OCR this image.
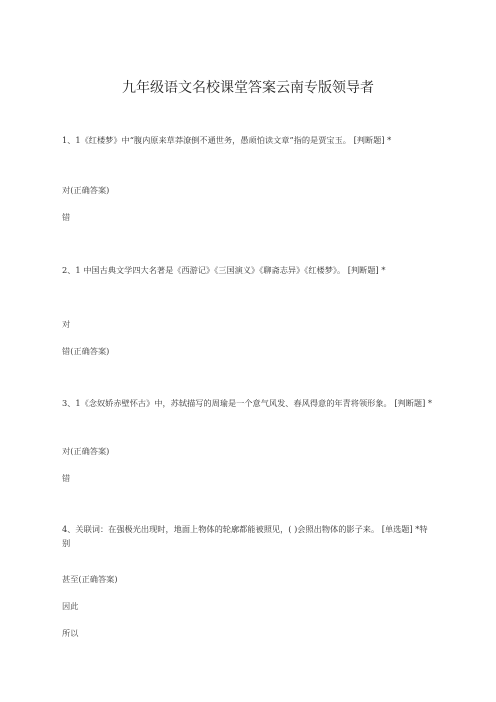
九年级语文名校课堂答案云南专版领导者
1、1《红楼梦》中“腹内原来草莽潦倒不通世务，愚顽怕读文章”指的是贾宝玉。 [判断题] *
对(正确答案)
错
2、1 中国古典文学四大名著是《西游记》《三国演义》《聊斋志异》《红楼梦》。 [判断题] *
对
错(正确答案)
3、1《念奴娇赤壁怀古》中，苏轼描写的周瑜是一个意气风发、春风得意的年青将领形象。 [判断题] *
对(正确答案)
错
4、关联词：在强极光出现时，地面上物体的轮廓都能被照见，( )会照出物体的影子来。 [单选题] *特别
甚至(正确答案)
因此
所以
